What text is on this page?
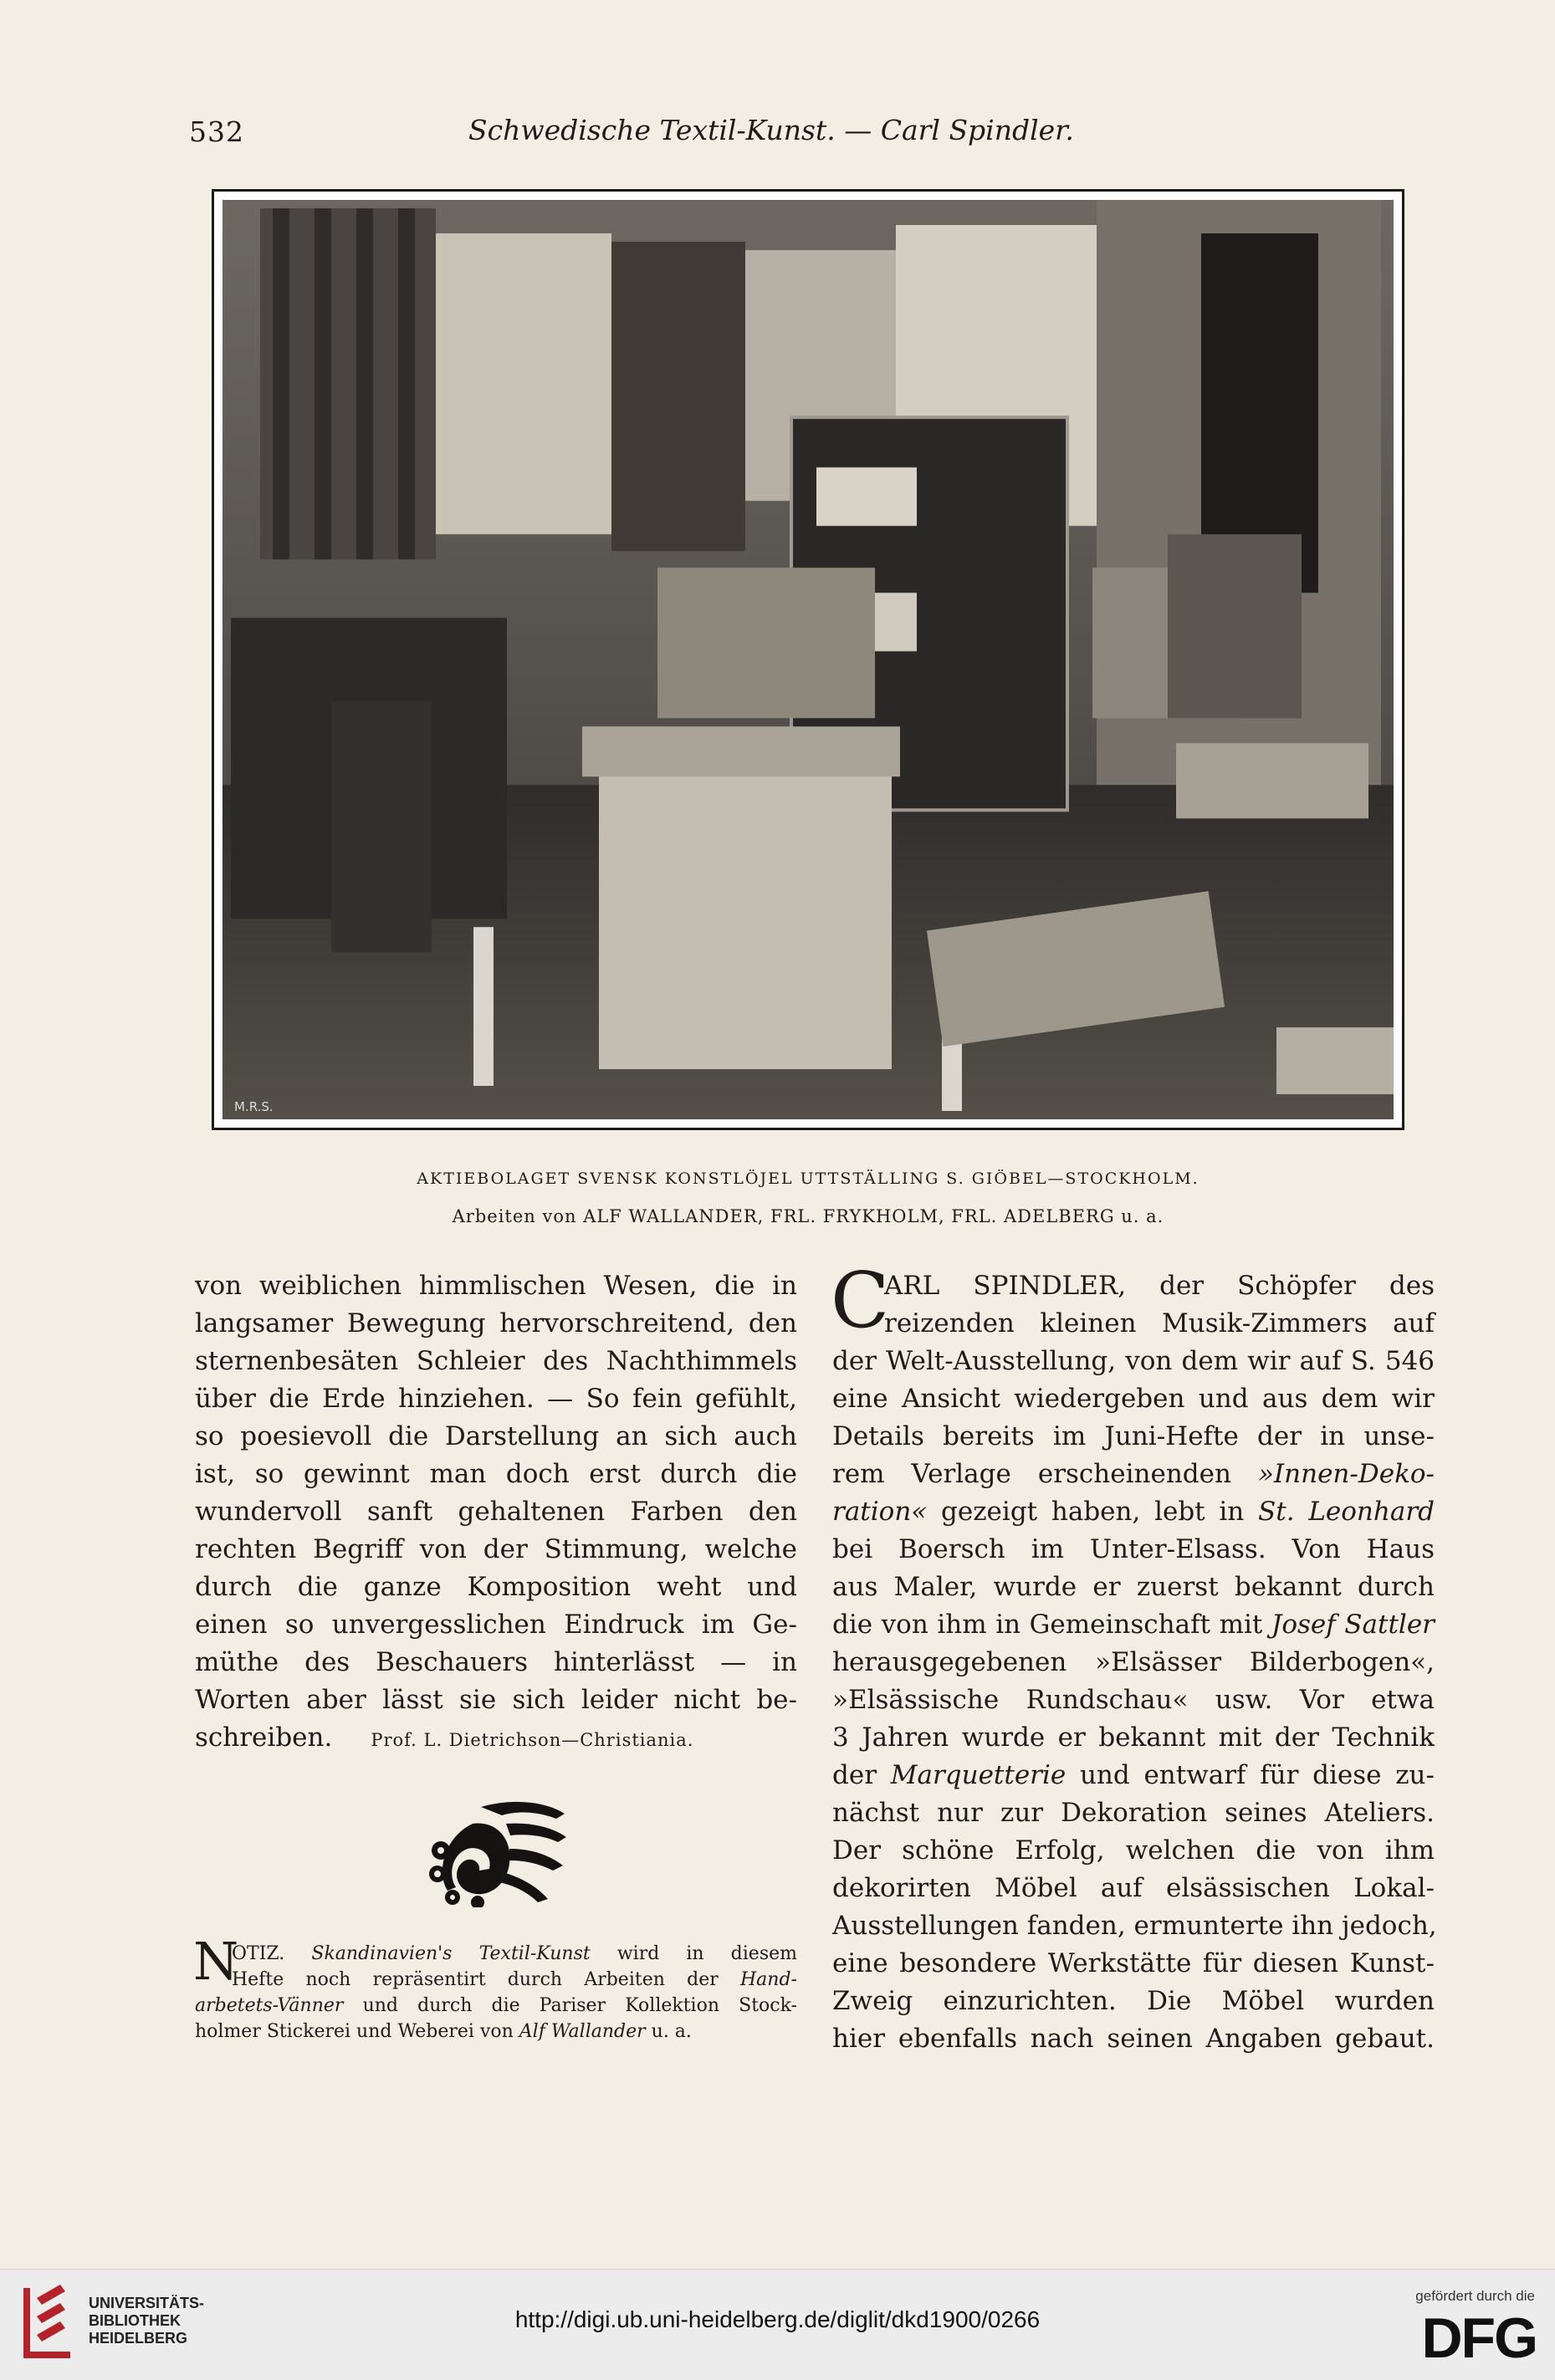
532	Schwedische Textil-Kunst. — Carl Spindler.
M.R.S.
AKTIEBOLAGET SVENSK KONSTLÖJEL UTTSTÄLLING S. GIÖBEL—STOCKHOLM.
Arbeiten von ALF WALLANDER, FRL. FRYKHOLM, FRL. ADELBERG u. a.
von weiblichen himmlischen Wesen, die in
langsamer Bewegung hervorschreitend, den
sternenbesäten Schleier des Nachthimmels
über die Erde hinziehen. — So fein gefühlt,
so poesievoll die Darstellung an sich auch
ist, so gewinnt man doch erst durch die
wundervoll sanft gehaltenen Farben den
rechten Begriff von der Stimmung, welche
durch die ganze Komposition weht und
einen so unvergesslichen Eindruck im Ge-
müthe des Beschauers hinterlässt — in
Worten aber lässt sie sich leider nicht be-
schreiben. Prof. L. Dietrichson—Christiania.
N
OTIZ. Skandinavien's Textil-Kunst wird in diesem
Hefte noch repräsentirt durch Arbeiten der Hand-
arbetets-Vänner und durch die Pariser Kollektion Stock-
holmer Stickerei und Weberei von Alf Wallander u. a.
C
ARL SPINDLER, der Schöpfer des
reizenden kleinen Musik-Zimmers auf
der Welt-Ausstellung, von dem wir auf S. 546
eine Ansicht wiedergeben und aus dem wir
Details bereits im Juni-Hefte der in unse-
rem Verlage erscheinenden »Innen-Deko-
ration« gezeigt haben, lebt in St. Leonhard
bei Boersch im Unter-Elsass. Von Haus
aus Maler, wurde er zuerst bekannt durch
die von ihm in Gemeinschaft mit Josef Sattler
herausgegebenen »Elsässer Bilderbogen«,
»Elsässische Rundschau« usw. Vor etwa
3 Jahren wurde er bekannt mit der Technik
der Marquetterie und entwarf für diese zu-
nächst nur zur Dekoration seines Ateliers.
Der schöne Erfolg, welchen die von ihm
dekorirten Möbel auf elsässischen Lokal-
Ausstellungen fanden, ermunterte ihn jedoch,
eine besondere Werkstätte für diesen Kunst-
Zweig einzurichten. Die Möbel wurden
hier ebenfalls nach seinen Angaben gebaut.
UNIVERSITÄTS-
BIBLIOTHEK
HEIDELBERG
http://digi.ub.uni-heidelberg.de/diglit/dkd1900/0266
gefördert durch die
DFG
